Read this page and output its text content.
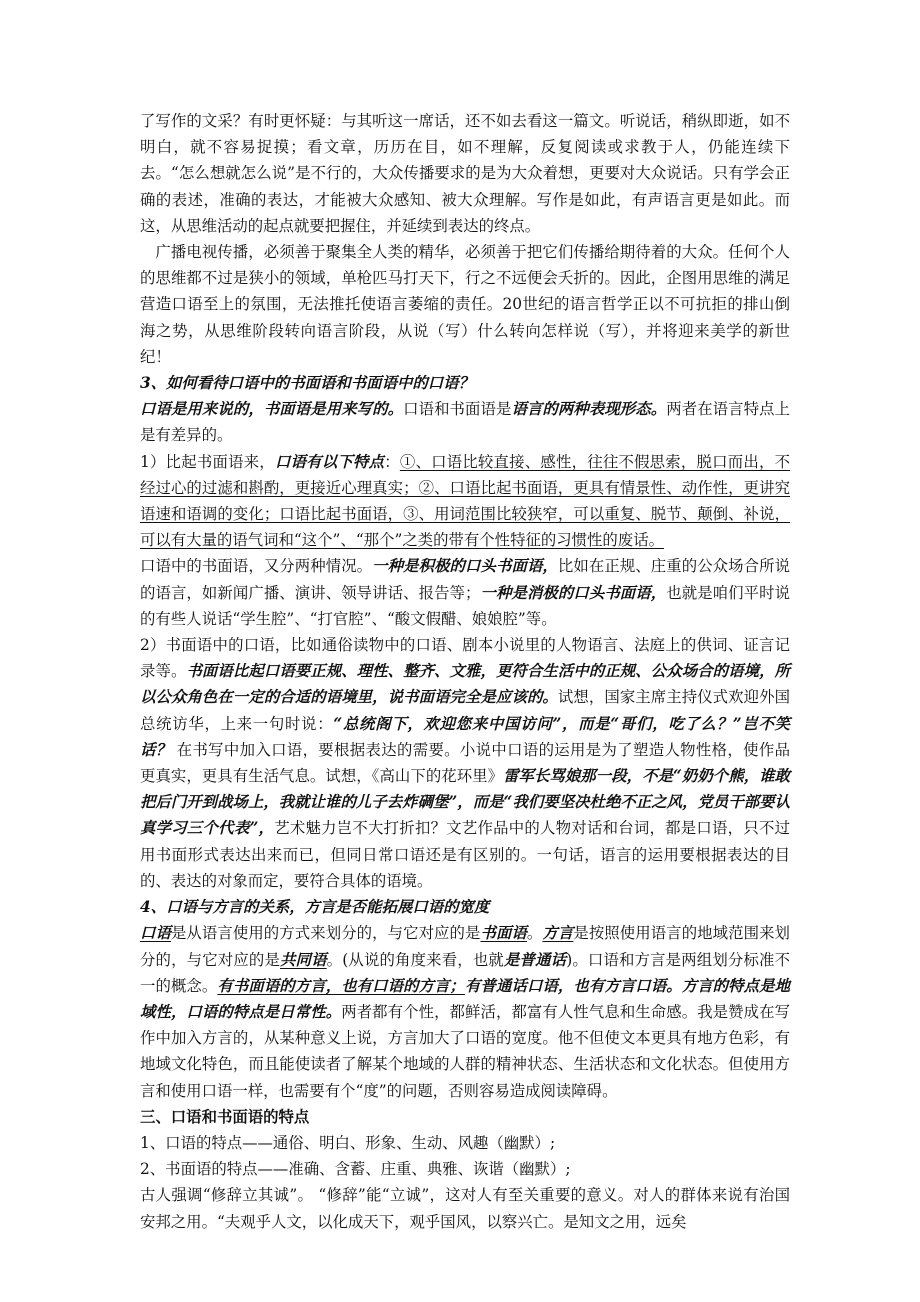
了写作的文采？有时更怀疑：与其听这一席话，还不如去看这一篇文。听说话，稍纵即逝，如不明白，就不容易捉摸；看文章，历历在目，如不理解，反复阅读或求教于人，仍能连续下去。“怎么想就怎么说”是不行的，大众传播要求的是为大众着想，更要对大众说话。只有学会正确的表述，准确的表达，才能被大众感知、被大众理解。写作是如此，有声语言更是如此。而这，从思维活动的起点就要把握住，并延续到表达的终点。

广播电视传播，必须善于聚集全人类的精华，必须善于把它们传播给期待着的大众。任何个人的思维都不过是狭小的领域，单枪匹马打天下，行之不远便会夭折的。因此，企图用思维的满足营造口语至上的氛围，无法推托使语言萎缩的责任。20世纪的语言哲学正以不可抗拒的排山倒海之势，从思维阶段转向语言阶段，从说（写）什么转向怎样说（写），并将迎来美学的新世纪！

3、如何看待口语中的书面语和书面语中的口语？

口语是用来说的，书面语是用来写的。口语和书面语是语言的两种表现形态。两者在语言特点上是有差异的。

1）比起书面语来，口语有以下特点：①、口语比较直接、感性，往往不假思索，脱口而出，不经过心的过滤和斟酌，更接近心理真实；②、口语比起书面语，更具有情景性、动作性，更讲究语速和语调的变化；口语比起书面语，③、用词范围比较狭窄，可以重复、脱节、颠倒、补说，可以有大量的语气词和“这个”、“那个”之类的带有个性特征的习惯性的废话。

口语中的书面语，又分两种情况。一种是积极的口头书面语，比如在正规、庄重的公众场合所说的语言，如新闻广播、演讲、领导讲话、报告等；一种是消极的口头书面语，也就是咱们平时说的有些人说话“学生腔”、“打官腔”、“酸文假醋、娘娘腔”等。

2）书面语中的口语，比如通俗读物中的口语、剧本小说里的人物语言、法庭上的供词、证言记录等。书面语比起口语要正规、理性、整齐、文雅，更符合生活中的正规、公众场合的语境，所以公众角色在一定的合适的语境里，说书面语完全是应该的。试想，国家主席主持仪式欢迎外国总统访华，上来一句时说：“总统阁下，欢迎您来中国访问”，而是“哥们，吃了么？”岂不笑话？ 在书写中加入口语，要根据表达的需要。小说中口语的运用是为了塑造人物性格，使作品更真实，更具有生活气息。试想，《高山下的花环里》雷军长骂娘那一段，不是“奶奶个熊，谁敢把后门开到战场上，我就让谁的儿子去炸碉堡”，而是“我们要坚决杜绝不正之风，党员干部要认真学习三个代表”，艺术魅力岂不大打折扣？文艺作品中的人物对话和台词，都是口语，只不过用书面形式表达出来而已，但同日常口语还是有区别的。一句话，语言的运用要根据表达的目的、表达的对象而定，要符合具体的语境。

4、口语与方言的关系，方言是否能拓展口语的宽度

口语是从语言使用的方式来划分的，与它对应的是书面语。方言是按照使用语言的地域范围来划分的，与它对应的是共同语。(从说的角度来看，也就是普通话)。口语和方言是两组划分标准不一的概念。有书面语的方言，也有口语的方言；有普通话口语，也有方言口语。方言的特点是地域性，口语的特点是日常性。两者都有个性，都鲜活，都富有人性气息和生命感。我是赞成在写作中加入方言的，从某种意义上说，方言加大了口语的宽度。他不但使文本更具有地方色彩，有地域文化特色，而且能使读者了解某个地域的人群的精神状态、生活状态和文化状态。但使用方言和使用口语一样，也需要有个“度”的问题，否则容易造成阅读障碍。

三、口语和书面语的特点

1、口语的特点——通俗、明白、形象、生动、风趣（幽默）;

2、书面语的特点——准确、含蓄、庄重、典雅、诙谐（幽默）;

古人强调“修辞立其诚”。 “修辞”能“立诚”，这对人有至关重要的意义。对人的群体来说有治国安邦之用。“夫观乎人文，以化成天下，观乎国风，以察兴亡。是知文之用，远矣
